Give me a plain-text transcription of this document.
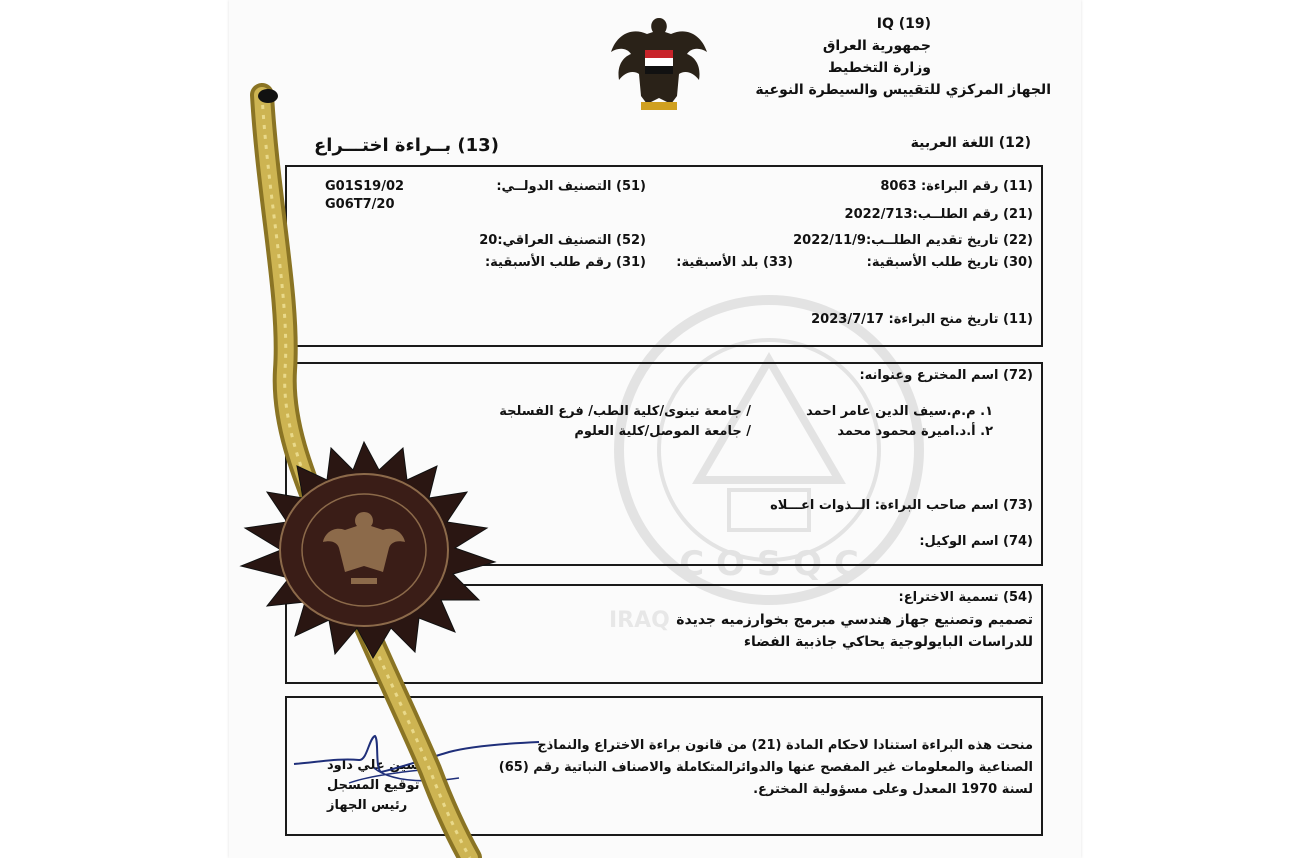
C O S Q C
IRAQ
IQ (19)
جمهورية العراق
وزارة التخطيط
الجهاز المركزي للتقييس والسيطرة النوعية
(13) بــراءة اختـــراع	(12) اللغة العربية
(11) رقم البراءة: 8063
(51) التصنيف الدولــي:
G01S19/02
G06T7/20
(21) رقم الطلــب:2022/713
(22) تاريخ تقديم الطلــب:2022/11/9
(52) التصنيف العراقي:20
(30) تاريخ طلب الأسبقية:
(33) بلد الأسبقية:
(31) رقم طلب الأسبقية:
(11) تاريخ منح البراءة: 2023/7/17
(72) اسم المخترع وعنوانه:
١. م.م.سيف الدين عامر احمد
/ جامعة نينوى/كلية الطب/ فرع الفسلجة
٢. أ.د.اميرة محمود محمد
/ جامعة الموصل/كلية العلوم
(73) اسم صاحب البراءة: الــذوات اعـــلاه
(74) اسم الوكيل:
(54) تسمية الاختراع:
تصميم وتصنيع جهاز هندسي مبرمج بخوارزميه جديدة
للدراسات البايولوجية يحاكي جاذبية الفضاء
منحت هذه البراءة استنادا لاحكام المادة (21) من قانون براءة الاختراع والنماذج
الصناعية والمعلومات غير المفصح عنها والدوائرالمتكاملة والاصناف النباتية رقم (65)
لسنة 1970 المعدل وعلى مسؤولية المخترع.
حسين علي داود
توقيع المسجل
رئيس الجهاز
